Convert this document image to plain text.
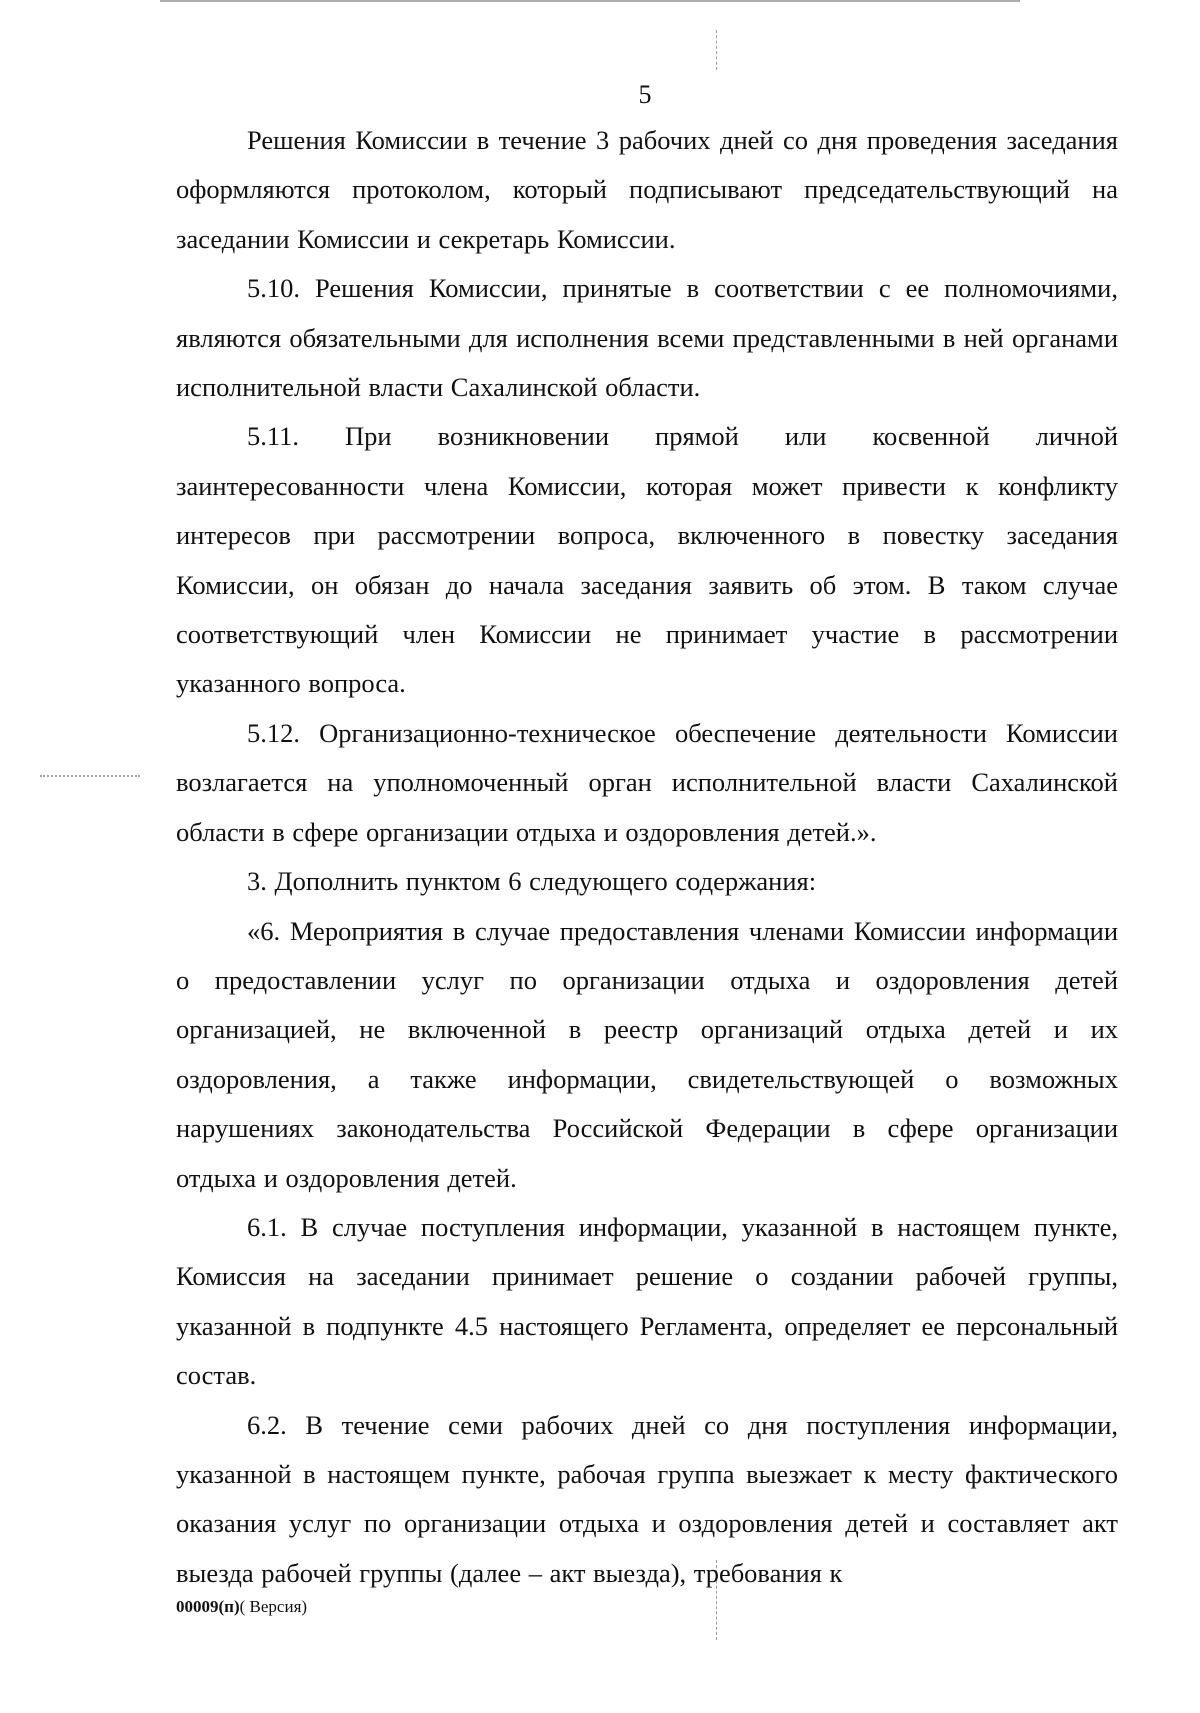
5

Решения Комиссии в течение 3 рабочих дней со дня проведения заседания оформляются протоколом, который подписывают председательствующий на заседании Комиссии и секретарь Комиссии.

5.10. Решения Комиссии, принятые в соответствии с ее полномочиями, являются обязательными для исполнения всеми представленными в ней органами исполнительной власти Сахалинской области.

5.11. При возникновении прямой или косвенной личной заинтересованности члена Комиссии, которая может привести к конфликту интересов при рассмотрении вопроса, включенного в повестку заседания Комиссии, он обязан до начала заседания заявить об этом. В таком случае соответствующий член Комиссии не принимает участие в рассмотрении указанного вопроса.

5.12. Организационно-техническое обеспечение деятельности Комиссии возлагается на уполномоченный орган исполнительной власти Сахалинской области в сфере организации отдыха и оздоровления детей.».

3. Дополнить пунктом 6 следующего содержания:

«6. Мероприятия в случае предоставления членами Комиссии информации о предоставлении услуг по организации отдыха и оздоровления детей организацией, не включенной в реестр организаций отдыха детей и их оздоровления, а также информации, свидетельствующей о возможных нарушениях законодательства Российской Федерации в сфере организации отдыха и оздоровления детей.

6.1. В случае поступления информации, указанной в настоящем пункте, Комиссия на заседании принимает решение о создании рабочей группы, указанной в подпункте 4.5 настоящего Регламента, определяет ее персональный состав.

6.2. В течение семи рабочих дней со дня поступления информации, указанной в настоящем пункте, рабочая группа выезжает к месту фактического оказания услуг по организации отдыха и оздоровления детей и составляет акт выезда рабочей группы (далее – акт выезда), требования к

00009(п)( Версия)
